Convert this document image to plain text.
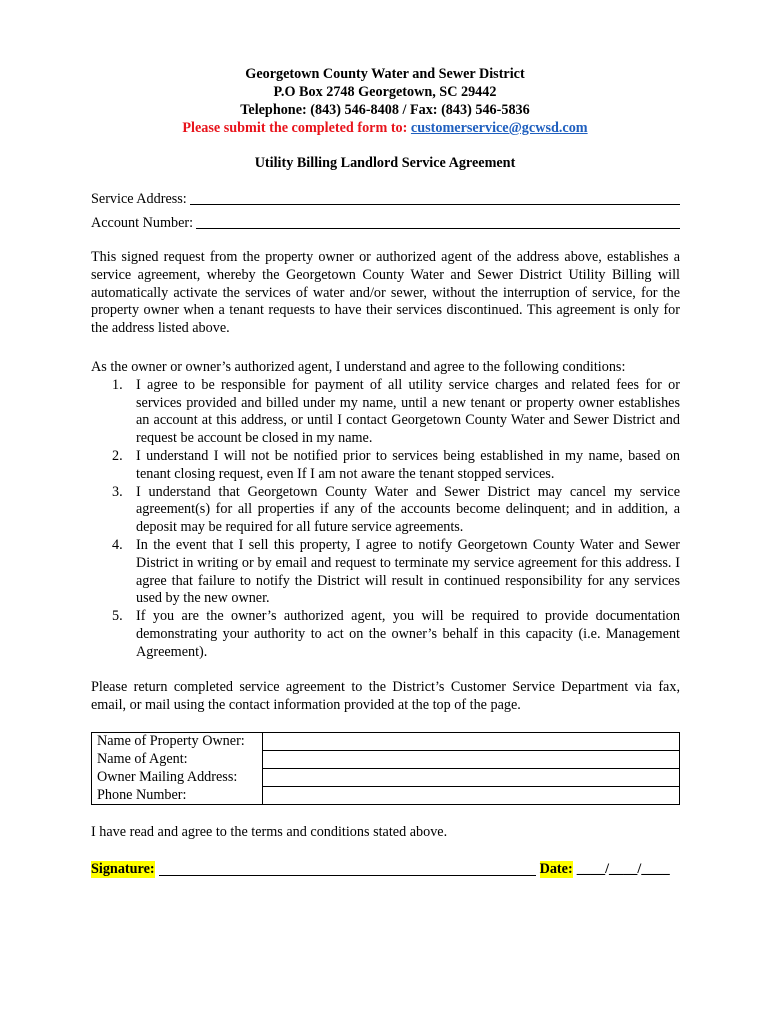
Georgetown County Water and Sewer District
P.O Box 2748 Georgetown, SC 29442
Telephone: (843) 546-8408 / Fax: (843) 546-5836
Please submit the completed form to: customerservice@gcwsd.com
Utility Billing Landlord Service Agreement
Service Address:
Account Number:
This signed request from the property owner or authorized agent of the address above, establishes a service agreement, whereby the Georgetown County Water and Sewer District Utility Billing will automatically activate the services of water and/or sewer, without the interruption of service, for the property owner when a tenant requests to have their services discontinued. This agreement is only for the address listed above.
As the owner or owner’s authorized agent, I understand and agree to the following conditions:
1. I agree to be responsible for payment of all utility service charges and related fees for or services provided and billed under my name, until a new tenant or property owner establishes an account at this address, or until I contact Georgetown County Water and Sewer District and request be account be closed in my name.
2. I understand I will not be notified prior to services being established in my name, based on tenant closing request, even If I am not aware the tenant stopped services.
3. I understand that Georgetown County Water and Sewer District may cancel my service agreement(s) for all properties if any of the accounts become delinquent; and in addition, a deposit may be required for all future service agreements.
4. In the event that I sell this property, I agree to notify Georgetown County Water and Sewer District in writing or by email and request to terminate my service agreement for this address. I agree that failure to notify the District will result in continued responsibility for any services used by the new owner.
5. If you are the owner’s authorized agent, you will be required to provide documentation demonstrating your authority to act on the owner’s behalf in this capacity (i.e. Management Agreement).
Please return completed service agreement to the District’s Customer Service Department via fax, email, or mail using the contact information provided at the top of the page.
Name of Property Owner:	
Name of Agent:	
Owner Mailing Address:	
Phone Number:	
I have read and agree to the terms and conditions stated above.
Signature:	Date: ____/____/____
